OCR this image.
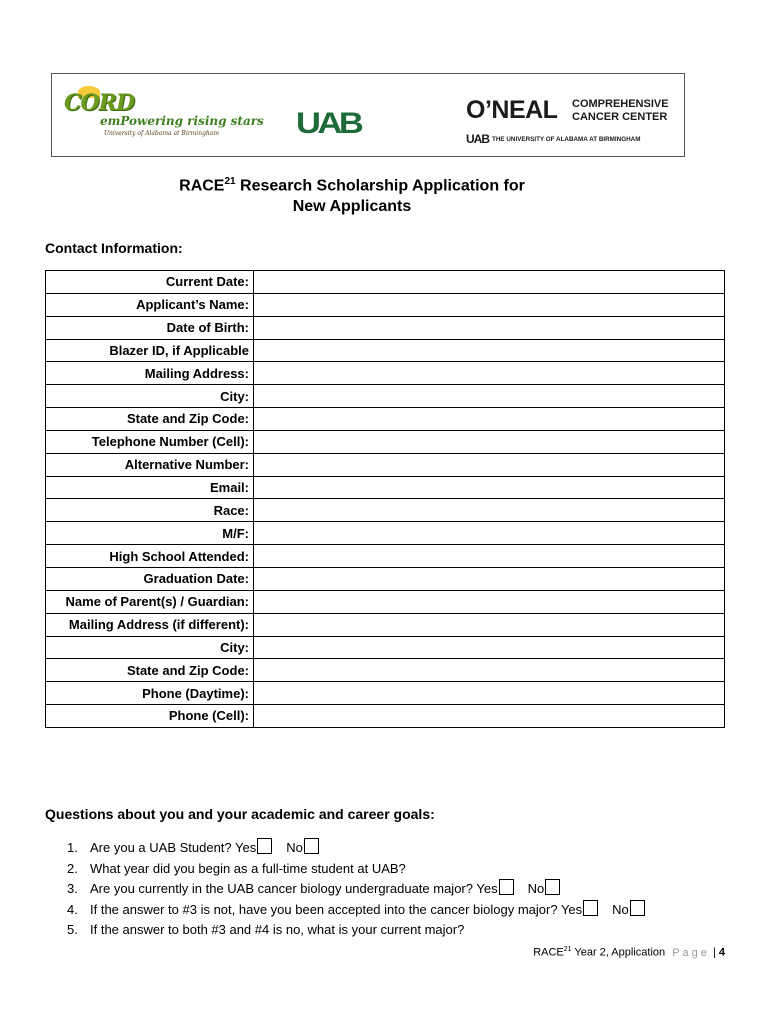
CORD
emPowering rising stars
University of Alabama at Birmingham	UAB	O’NEAL COMPREHENSIVE
CANCER CENTER
UAB THE UNIVERSITY OF ALABAMA AT BIRMINGHAM
RACE$^{21}$ Research Scholarship Application for
New Applicants
Contact Information:
Current Date:	
Applicant’s Name:	
Date of Birth:	
Blazer ID, if Applicable	
Mailing Address:	
City:	
State and Zip Code:	
Telephone Number (Cell):	
Alternative Number:	
Email:	
Race:	
M/F:	
High School Attended:	
Graduation Date:	
Name of Parent(s) / Guardian:	
Mailing Address (if different):	
City:	
State and Zip Code:	
Phone (Daytime):	
Phone (Cell):	
Questions about you and your academic and career goals:
1. Are you a UAB Student? Yes No
2. What year did you begin as a full-time student at UAB?
3. Are you currently in the UAB cancer biology undergraduate major? Yes No
4. If the answer to #3 is not, have you been accepted into the cancer biology major? Yes No
5. If the answer to both #3 and #4 is no, what is your current major?
RACE$^{21}$ Year 2, Application Page | 4
